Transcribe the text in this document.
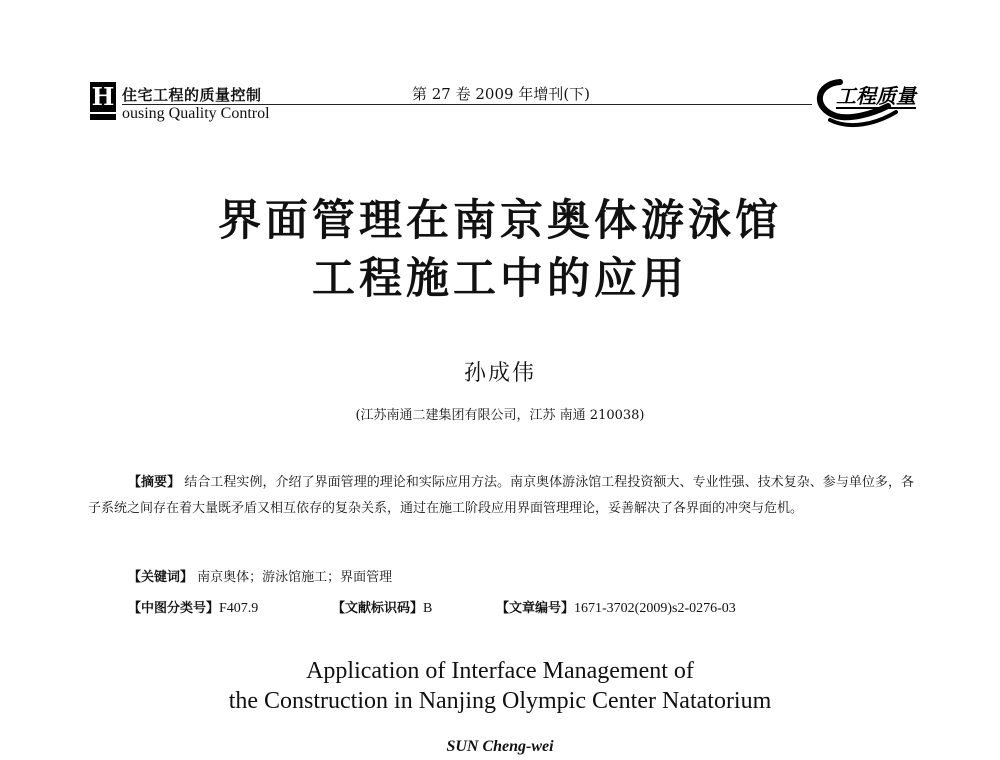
H 住宅工程的质量控制
ousing Quality Control
第 27 卷 2009 年增刊(下)	工程质量
界面管理在南京奥体游泳馆
工程施工中的应用
孙成伟
(江苏南通二建集团有限公司，江苏 南通 210038)

【摘要】 结合工程实例，介绍了界面管理的理论和实际应用方法。南京奥体游泳馆工程投资额大、专业性强、技术复杂、参与单位多，各子系统之间存在着大量既矛盾又相互依存的复杂关系，通过在施工阶段应用界面管理理论，妥善解决了各界面的冲突与危机。

【关键词】 南京奥体；游泳馆施工；界面管理
【中图分类号】F407.9	【文献标识码】B	【文章编号】1671-3702(2009)s2-0276-03
Application of Interface Management of
the Construction in Nanjing Olympic Center Natatorium
SUN Cheng-wei
